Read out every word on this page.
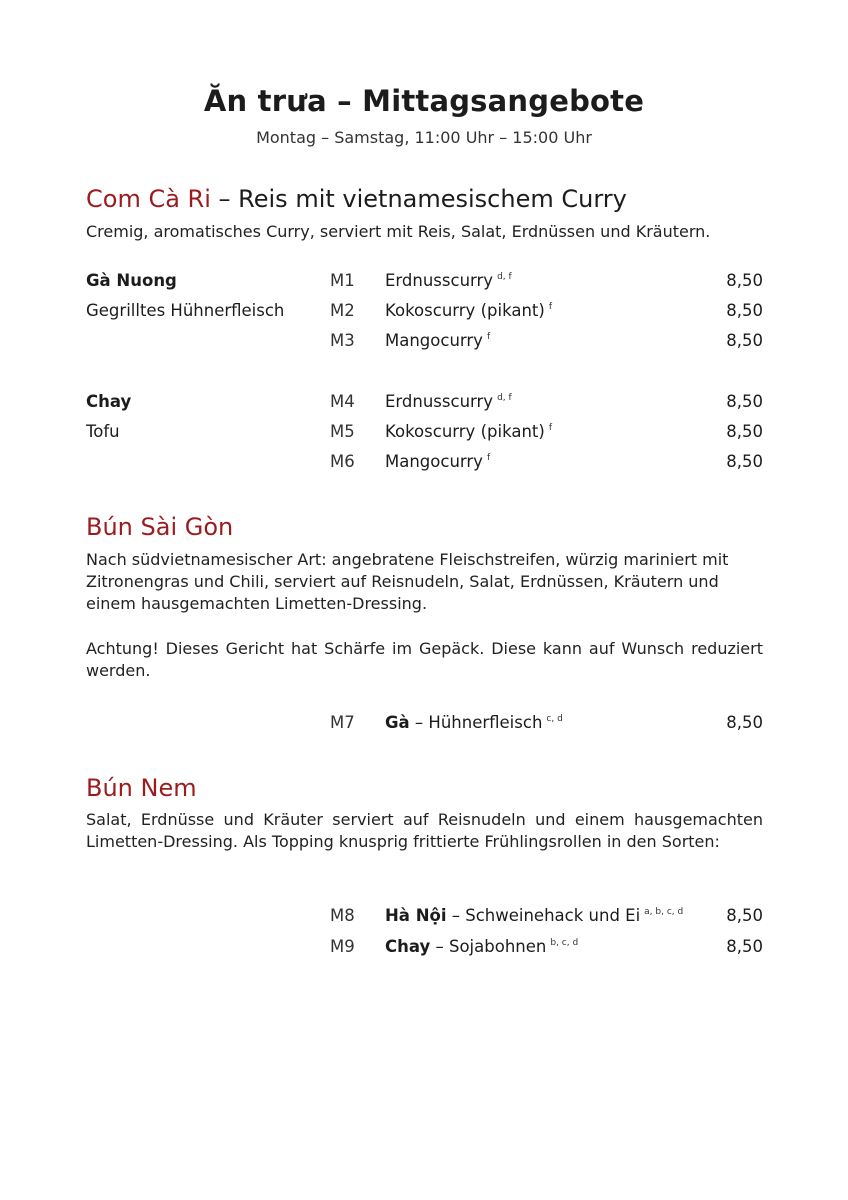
Ăn trưa – Mittagsangebote
Montag – Samstag, 11:00 Uhr – 15:00 Uhr
Com Cà Ri – Reis mit vietnamesischem Curry
Cremig, aromatisches Curry, serviert mit Reis, Salat, Erdnüssen und Kräutern.
Gà Nuong	M1 Erdnusscurry $^{d, f}$	8,50
Gegrilltes Hühnerfleisch	M2 Kokoscurry (pikant) $^f$	8,50
M3 Mangocurry $^f$	8,50
Chay	M4 Erdnusscurry $^{d, f}$	8,50
Tofu	M5 Kokoscurry (pikant) $^f$	8,50
M6 Mangocurry $^f$	8,50
Bún Sài Gòn
Nach südvietnamesischer Art: angebratene Fleischstreifen, würzig mariniert mit Zitronengras und Chili, serviert auf Reisnudeln, Salat, Erdnüssen, Kräutern und einem hausgemachten Limetten-Dressing.
Achtung! Dieses Gericht hat Schärfe im Gepäck. Diese kann auf Wunsch reduziert werden.
M7 Gà – Hühnerfleisch $^{c, d}$	8,50
Bún Nem
Salat, Erdnüsse und Kräuter serviert auf Reisnudeln und einem hausgemachten Limetten-Dressing. Als Topping knusprig frittierte Frühlingsrollen in den Sorten:
M8 Hà Nội – Schweinehack und Ei $^{a, b, c, d}$	8,50
M9 Chay – Sojabohnen $^{b, c, d}$	8,50
